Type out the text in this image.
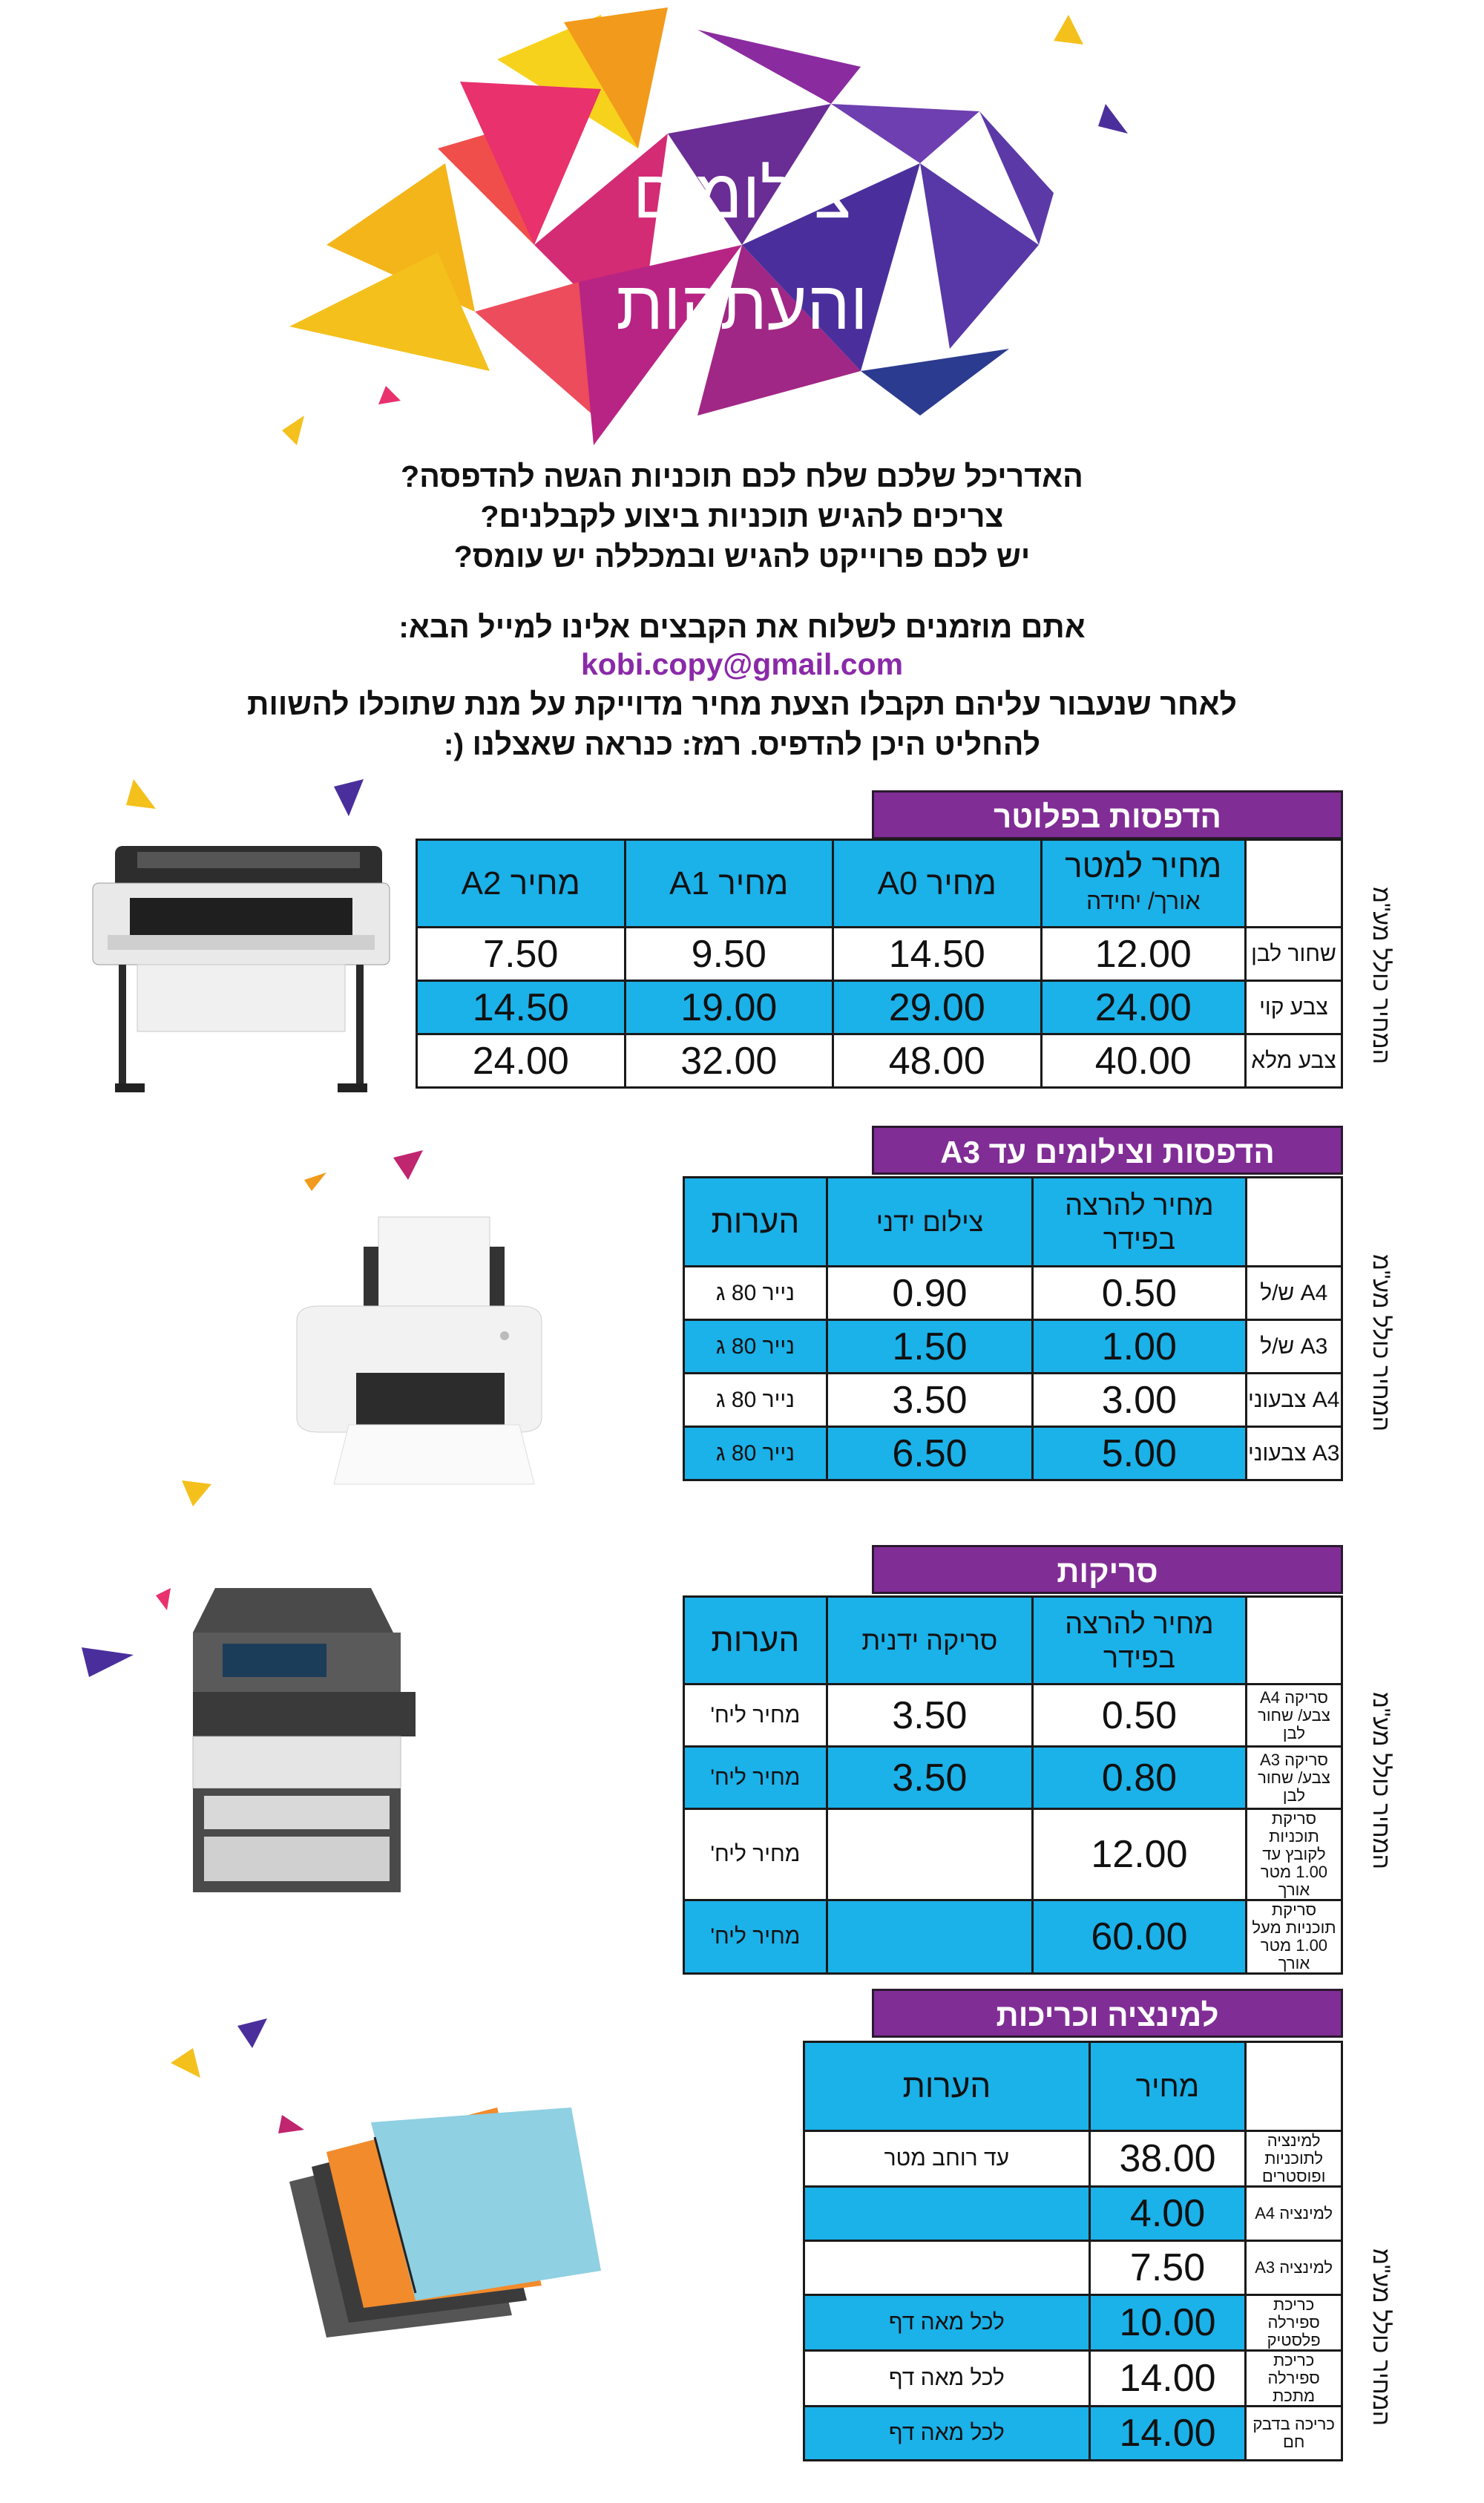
צילומים
והעתקות
האדריכל שלכם שלח לכם תוכניות הגשה להדפסה?
צריכים להגיש תוכניות ביצוע לקבלנים?
יש לכם פרוייקט להגיש ובמכללה יש עומס?
אתם מוזמנים לשלוח את הקבצים אלינו למייל הבא:
kobi.copy@gmail.com
לאחר שנעבור עליהם תקבלו הצעת מחיר מדוייקת על מנת שתוכלו להשוות
להחליט היכן להדפיס. רמז: כנראה שאצלנו (:
הדפסות בפלוטר
	מחיר למטר
אורך/ יחידה	מחיר A0	מחיר A1	מחיר A2
שחור לבן	12.00	14.50	9.50	7.50
צבע קוי	24.00	29.00	19.00	14.50
צבע מלא	40.00	48.00	32.00	24.00	המחיר כולל מע"מ
הדפסות וצילומים עד A3
	מחיר להרצה
בפידר	צילום ידני	הערות
A4 ש/ל	0.50	0.90	נייר 80 ג
A3 ש/ל	1.00	1.50	נייר 80 ג
A4 צבעוני	3.00	3.50	נייר 80 ג
A3 צבעוני	5.00	6.50	נייר 80 ג
המחיר כולל מע"מ
סריקות
	מחיר להרצה
בפידר	סריקה ידנית	הערות
סריקה A4 צבע/ שחור לבן	0.50	3.50	מחיר ליח'
סריקה A3 צבע/ שחור לבן	0.80	3.50	מחיר ליח'
סריקת תוכניות לקובץ עד 1.00 מטר אורך	12.00		מחיר ליח'
סריקת תוכניות מעל 1.00 מטר אורך	60.00		מחיר ליח'
המחיר כולל מע"מ
למינציה וכריכות
	מחיר	הערות
למינציה לתוכניות ופוסטרים	38.00	עד רוחב מטר
למינציה A4	4.00	
למינציה A3	7.50	
כריכת ספירלה פלסטיק	10.00	לכל מאה דף
כריכת ספירלה מתכת	14.00	לכל מאה דף
כריכה בדבק חם	14.00	לכל מאה דף
המחיר כולל מע"מ
